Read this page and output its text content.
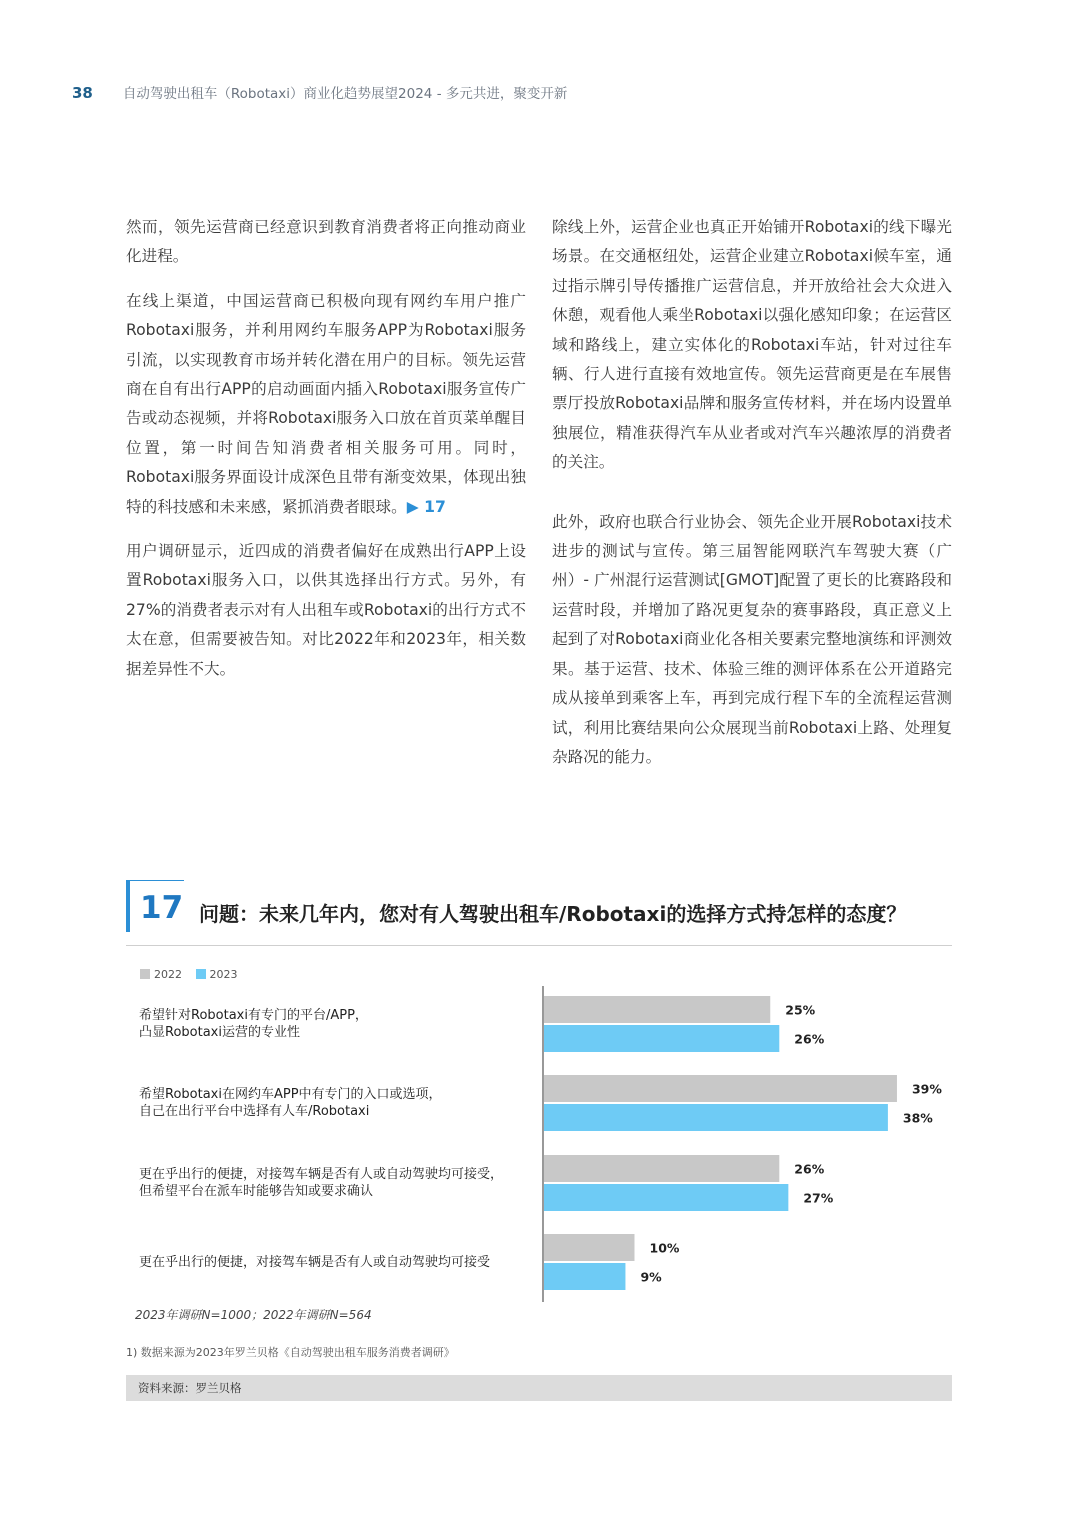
38 自动驾驶出租车（Robotaxi）商业化趋势展望2024 - 多元共进，聚变开新

然而，领先运营商已经意识到教育消费者将正向推动商业化进程。

在线上渠道，中国运营商已积极向现有网约车用户推广Robotaxi服务，并利用网约车服务APP为Robotaxi服务引流，以实现教育市场并转化潜在用户的目标。领先运营商在自有出行APP的启动画面内插入Robotaxi服务宣传广告或动态视频，并将Robotaxi服务入口放在首页菜单醒目位置，第一时间告知消费者相关服务可用。同时，Robotaxi服务界面设计成深色且带有渐变效果，体现出独特的科技感和未来感，紧抓消费者眼球。▶ 17

用户调研显示，近四成的消费者偏好在成熟出行APP上设置Robotaxi服务入口，以供其选择出行方式。另外，有27%的消费者表示对有人出租车或Robotaxi的出行方式不太在意，但需要被告知。对比2022年和2023年，相关数据差异性不大。

除线上外，运营企业也真正开始铺开Robotaxi的线下曝光场景。在交通枢纽处，运营企业建立Robotaxi候车室，通过指示牌引导传播推广运营信息，并开放给社会大众进入休憩，观看他人乘坐Robotaxi以强化感知印象；在运营区域和路线上，建立实体化的Robotaxi车站，针对过往车辆、行人进行直接有效地宣传。领先运营商更是在车展售票厅投放Robotaxi品牌和服务宣传材料，并在场内设置单独展位，精准获得汽车从业者或对汽车兴趣浓厚的消费者的关注。

此外，政府也联合行业协会、领先企业开展Robotaxi技术进步的测试与宣传。第三届智能网联汽车驾驶大赛（广州）- 广州混行运营测试[GMOT]配置了更长的比赛路段和运营时段，并增加了路况更复杂的赛事路段，真正意义上起到了对Robotaxi商业化各相关要素完整地演练和评测效果。基于运营、技术、体验三维的测评体系在公开道路完成从接单到乘客上车，再到完成行程下车的全流程运营测试，利用比赛结果向公众展现当前Robotaxi上路、处理复杂路况的能力。

17 问题：未来几年内，您对有人驾驶出租车/Robotaxi的选择方式持怎样的态度？
2022	2023
希望针对Robotaxi有专门的平台/APP，
凸显Robotaxi运营的专业性
希望Robotaxi在网约车APP中有专门的入口或选项，
自己在出行平台中选择有人车/Robotaxi
更在乎出行的便捷，对接驾车辆是否有人或自动驾驶均可接受，
但希望平台在派车时能够告知或要求确认
更在乎出行的便捷，对接驾车辆是否有人或自动驾驶均可接受
25%
26%
39%
38%
26%
27%
10%
9%
2023年调研N=1000；2022年调研N=564
1) 数据来源为2023年罗兰贝格《自动驾驶出租车服务消费者调研》
资料来源：罗兰贝格
